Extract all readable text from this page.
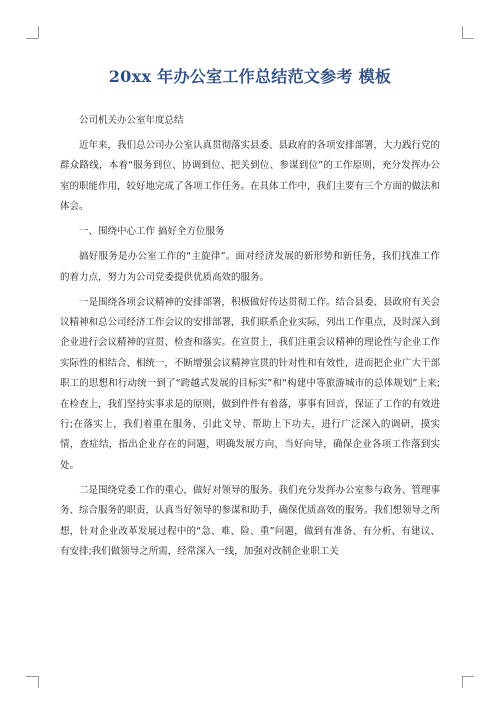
20xx 年办公室工作总结范文参考 模板

公司机关办公室年度总结

近年来，我们总公司办公室认真贯彻落实县委、县政府的各项安排部署，大力践行党的群众路线，本着“服务到位、协调到位、把关到位、参谋到位”的工作原则，充分发挥办公室的职能作用，较好地完成了各项工作任务。在具体工作中，我们主要有三个方面的做法和体会。

一、围绕中心工作 搞好全方位服务

搞好服务是办公室工作的“主旋律”。面对经济发展的新形势和新任务，我们找准工作的着力点，努力为公司党委提供优质高效的服务。

一是围绕各项会议精神的安排部署，积极做好传达贯彻工作。结合县委、县政府有关会议精神和总公司经济工作会议的安排部署，我们联系企业实际，列出工作重点，及时深入到企业进行会议精神的宣贯、检查和落实。在宣贯上，我们注重会议精神的理论性与企业工作实际性的相结合、相统一，不断增强会议精神宣贯的针对性和有效性，进而把企业广大干部职工的思想和行动统一到了“跨越式发展的目标实”和“构建中等旅游城市的总体规划”上来;在检查上，我们坚持实事求是的原则，做到件件有着落，事事有回音，保证了工作的有效进行;在落实上，我们着重在服务、引此文导、帮助上下功夫，进行广泛深入的调研，摸实情，查症结，指出企业存在的问题，明确发展方向，当好向导，确保企业各项工作落到实处。

二是围绕党委工作的重心，做好对领导的服务。我们充分发挥办公室参与政务、管理事务、综合服务的职责，认真当好领导的参谋和助手，确保优质高效的服务。我们想领导之所想，针对企业改革发展过程中的“急、难、险、重”问题，做到有准备、有分析、有建议、有安排;我们做领导之所需，经常深入一线，加强对改制企业职工关
